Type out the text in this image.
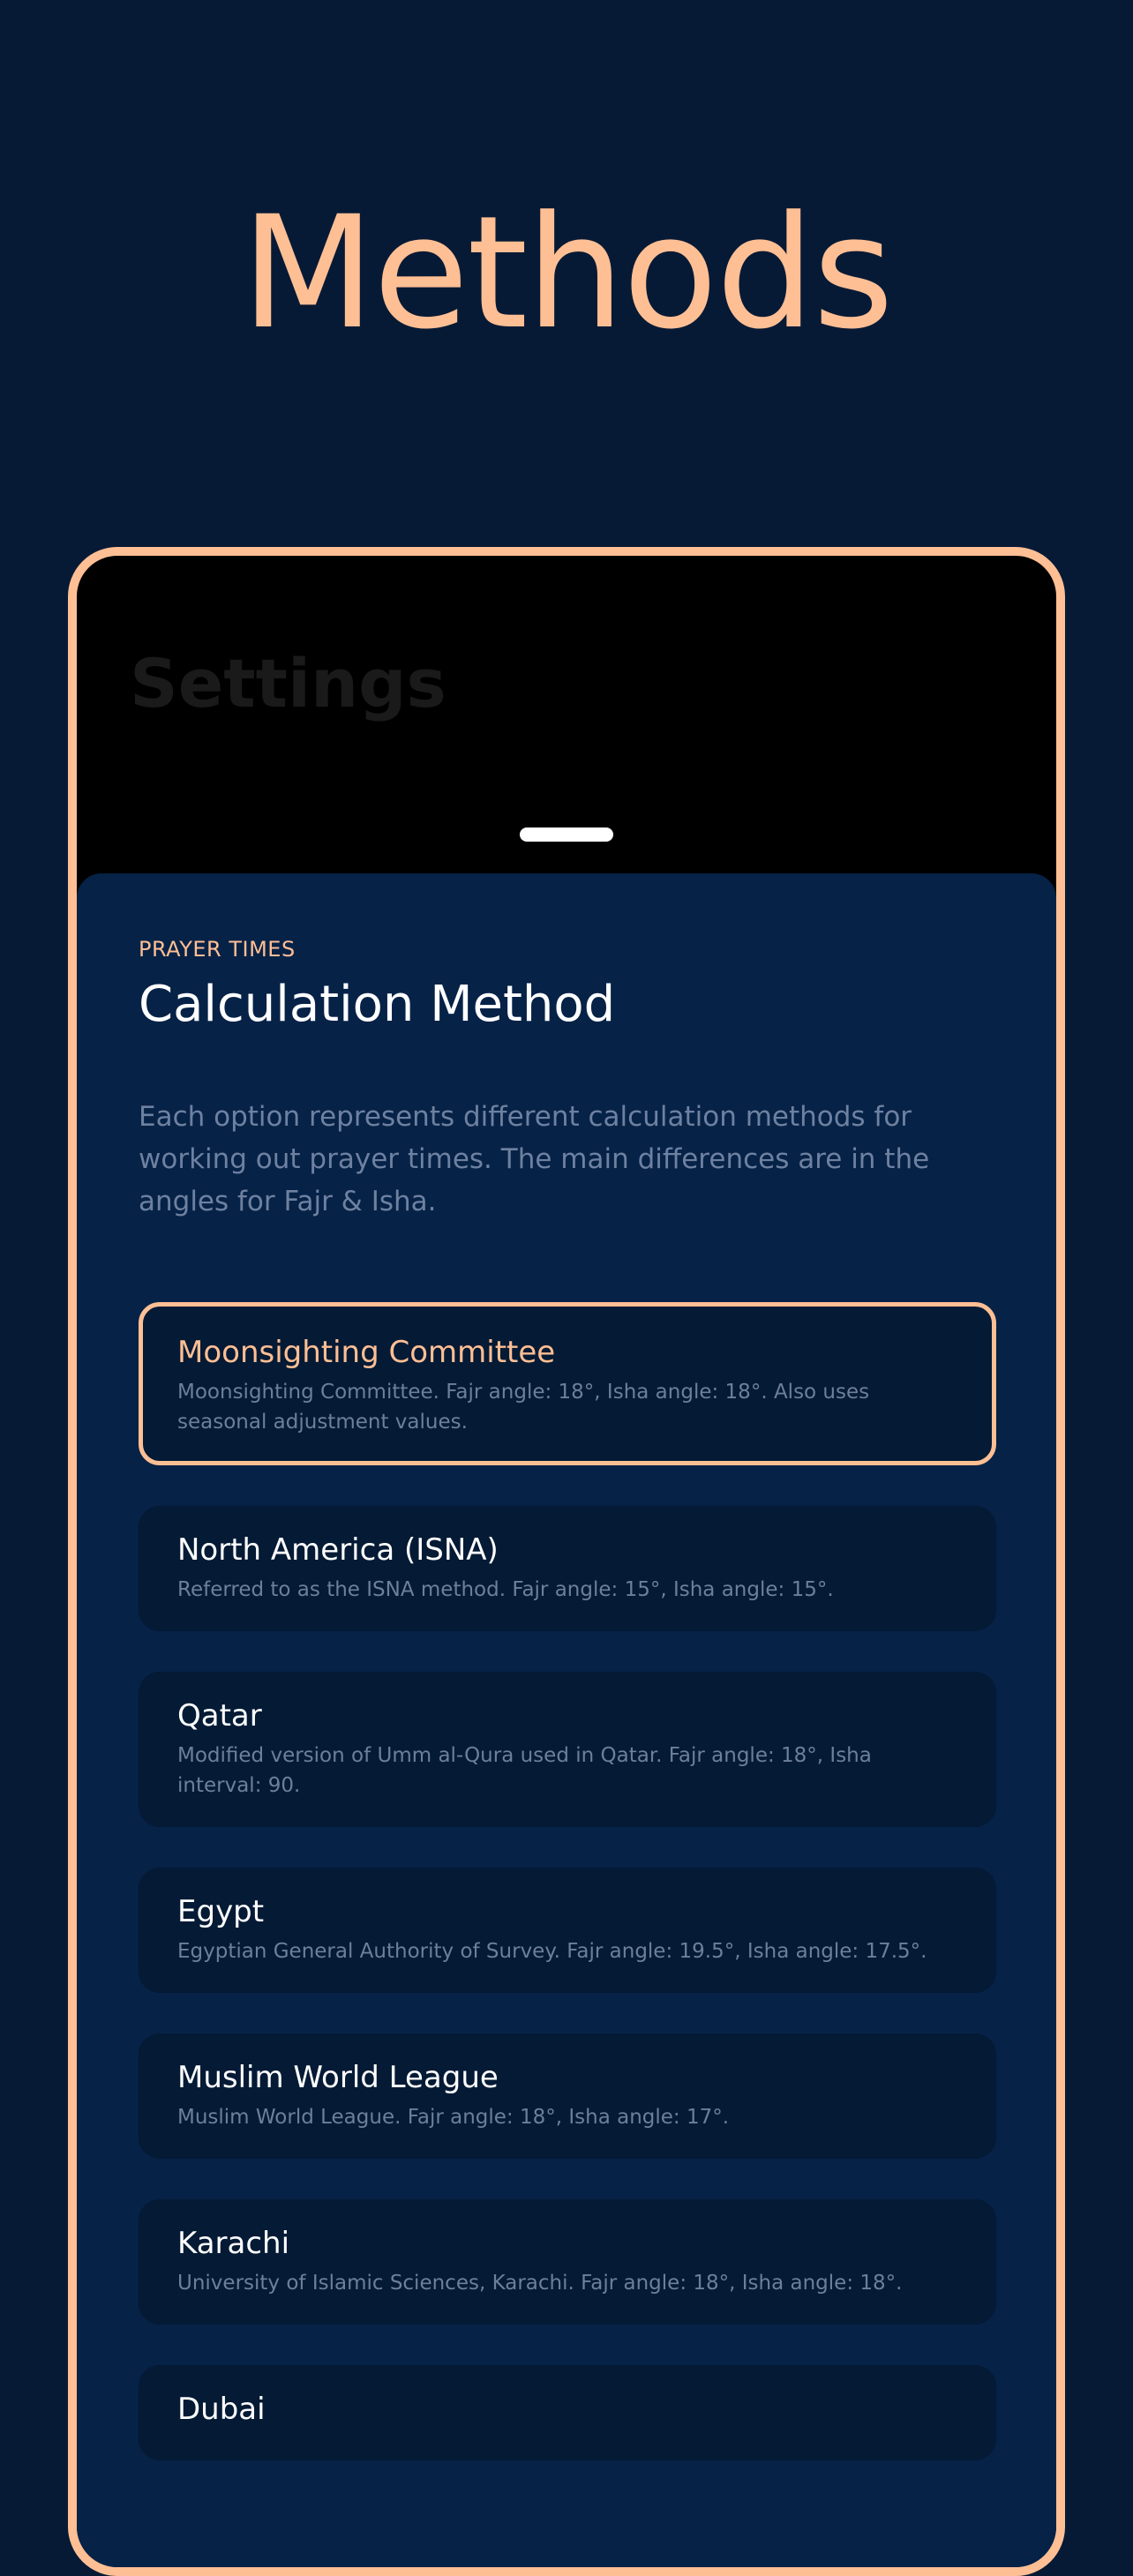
Methods
Settings
PRAYER TIMES
Calculation Method
Each option represents different calculation methods for working out prayer times. The main differences are in the angles for Fajr & Isha.
Moonsighting Committee
Moonsighting Committee. Fajr angle: 18°, Isha angle: 18°. Also uses seasonal adjustment values.
North America (ISNA)
Referred to as the ISNA method. Fajr angle: 15°, Isha angle: 15°.
Qatar
Modified version of Umm al-Qura used in Qatar. Fajr angle: 18°, Isha interval: 90.
Egypt
Egyptian General Authority of Survey. Fajr angle: 19.5°, Isha angle: 17.5°.
Muslim World League
Muslim World League. Fajr angle: 18°, Isha angle: 17°.
Karachi
University of Islamic Sciences, Karachi. Fajr angle: 18°, Isha angle: 18°.
Dubai
